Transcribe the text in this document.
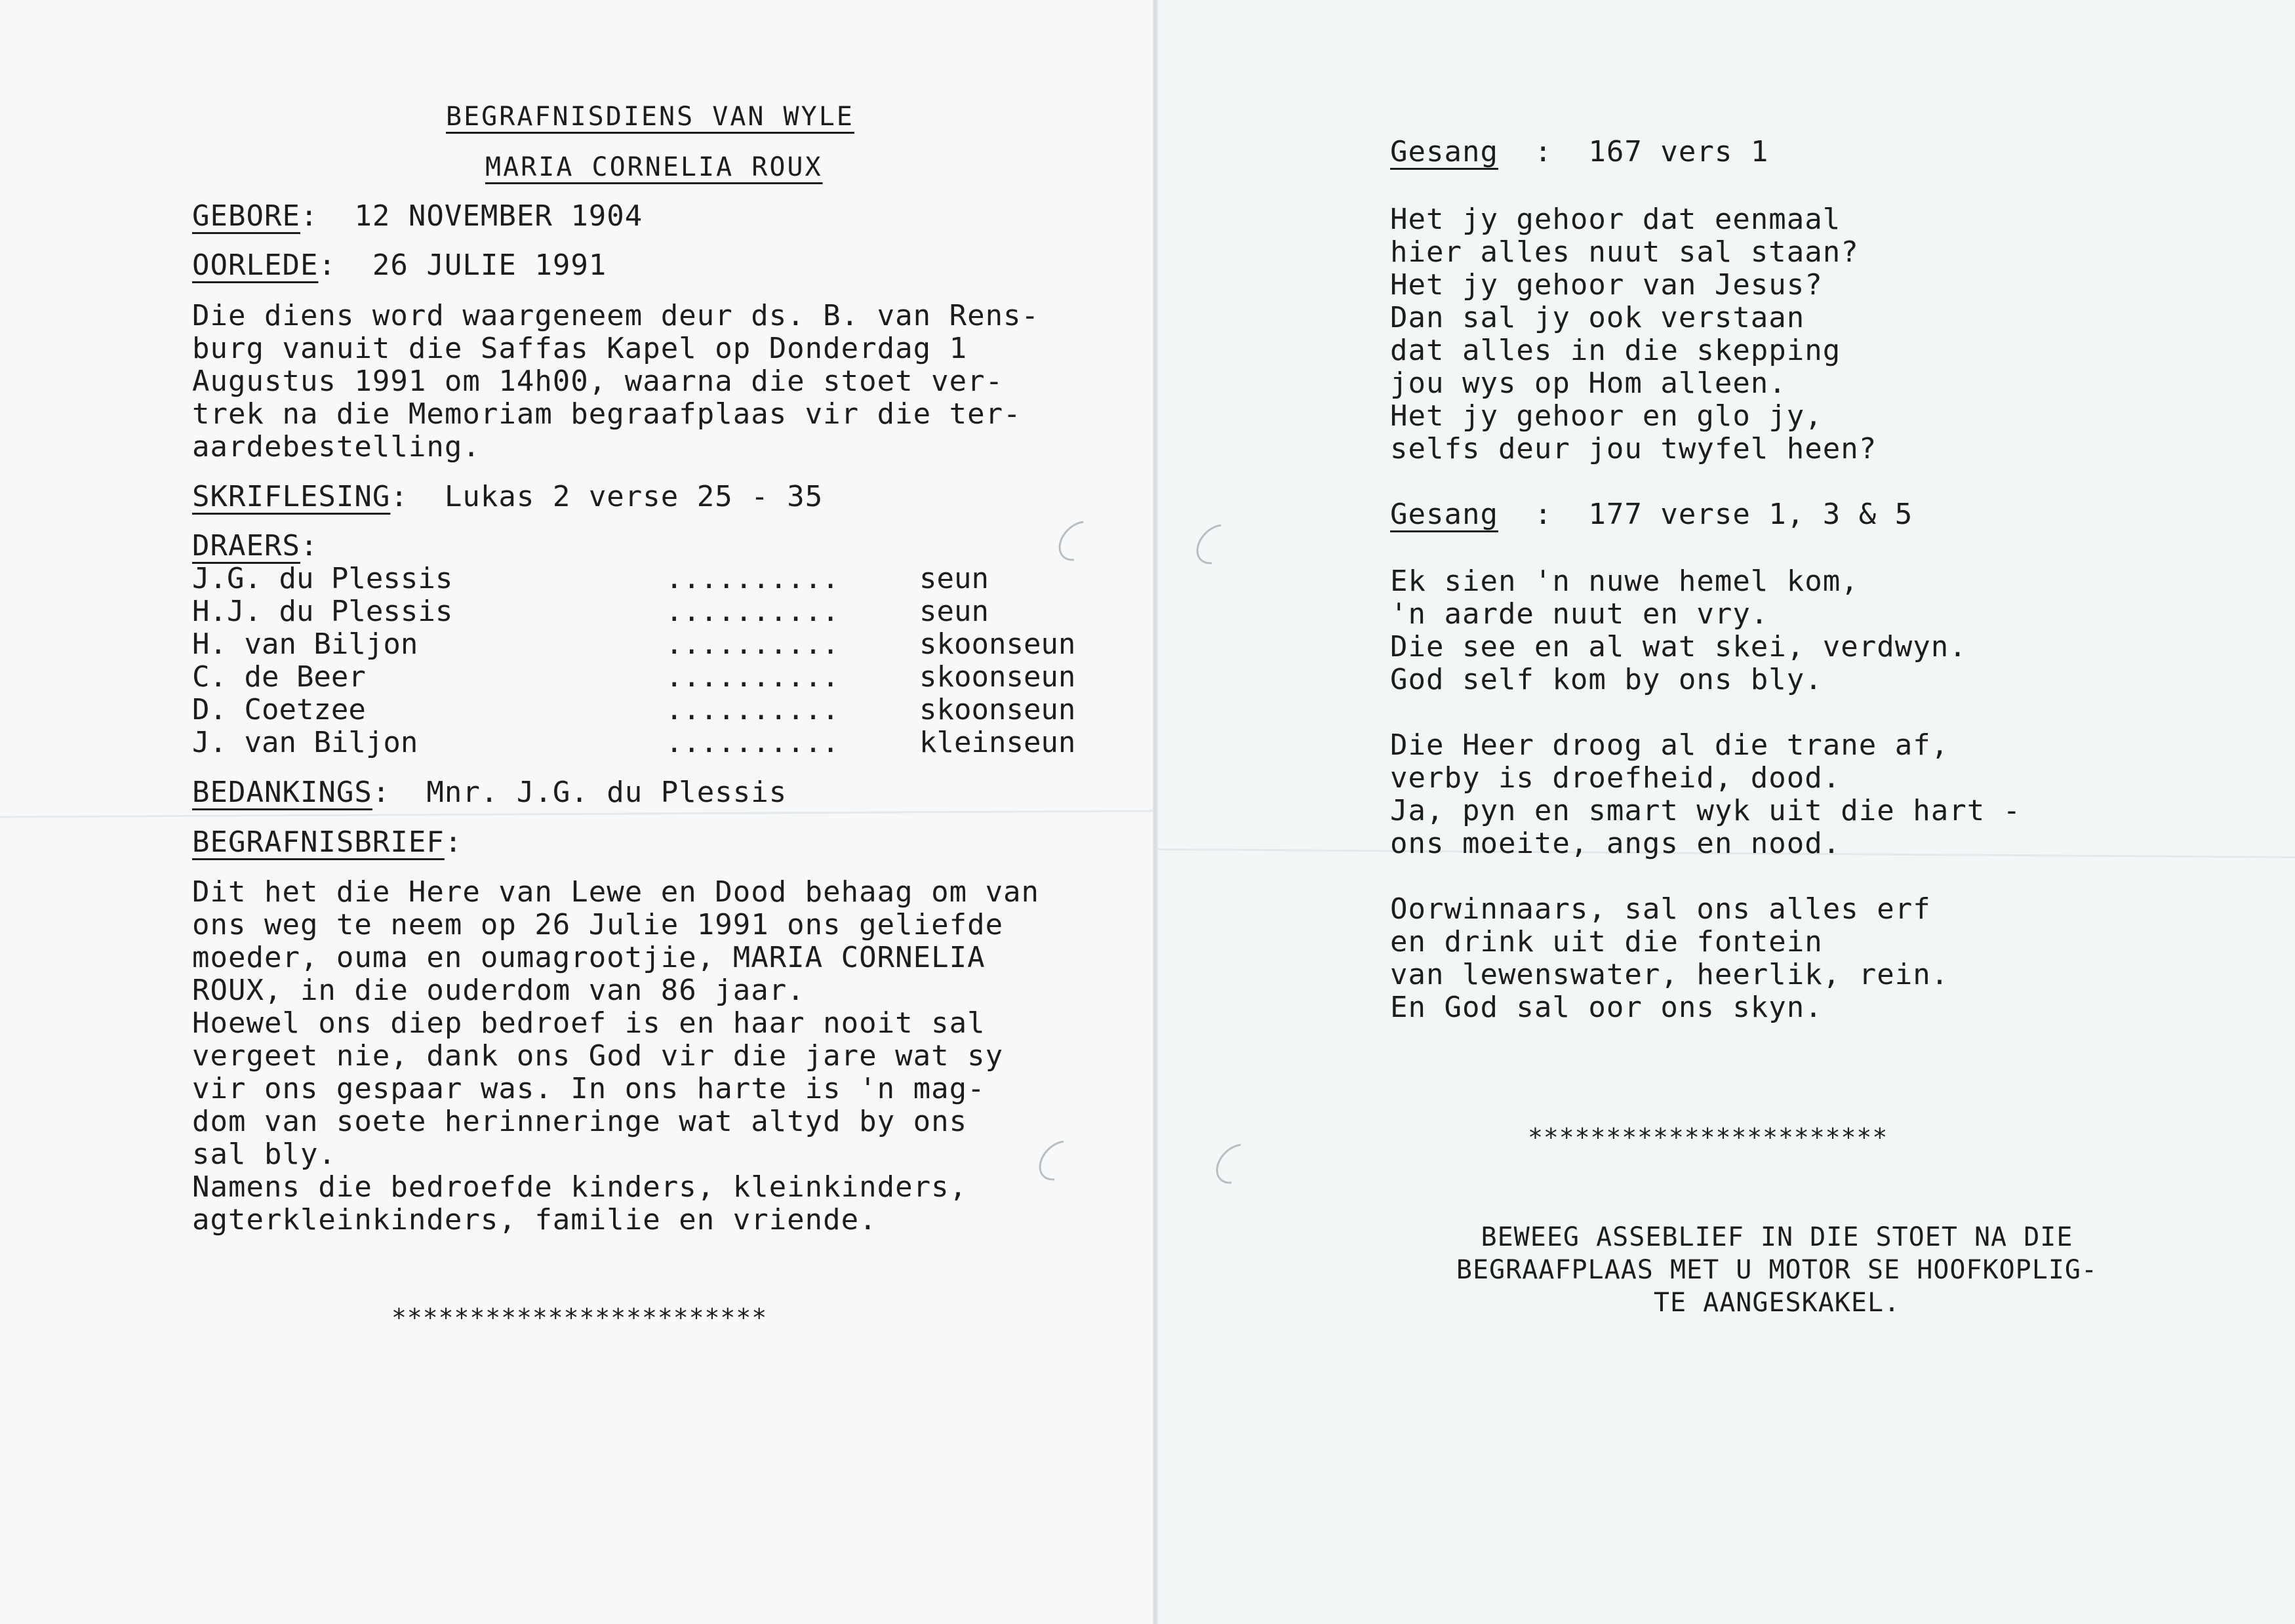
BEGRAFNISDIENS VAN WYLE
MARIA CORNELIA ROUX
GEBORE:  12 NOVEMBER 1904
OORLEDE:  26 JULIE 1991
Die diens word waargeneem deur ds. B. van Rens-
burg vanuit die Saffas Kapel op Donderdag 1
Augustus 1991 om 14h00, waarna die stoet ver-
trek na die Memoriam begraafplaas vir die ter-
aardebestelling.
SKRIFLESING:  Lukas 2 verse 25 - 35
DRAERS:
J.G. du Plessis	..........	seun
H.J. du Plessis	..........	seun
H. van Biljon	..........	skoonseun
C. de Beer	..........	skoonseun
D. Coetzee	..........	skoonseun
J. van Biljon	..........	kleinseun
BEDANKINGS:  Mnr. J.G. du Plessis
BEGRAFNISBRIEF:
Dit het die Here van Lewe en Dood behaag om van
ons weg te neem op 26 Julie 1991 ons geliefde
moeder, ouma en oumagrootjie, MARIA CORNELIA
ROUX, in die ouderdom van 86 jaar.
Hoewel ons diep bedroef is en haar nooit sal
vergeet nie, dank ons God vir die jare wat sy
vir ons gespaar was. In ons harte is 'n mag-
dom van soete herinneringe wat altyd by ons
sal bly.
Namens die bedroefde kinders, kleinkinders,
agterkleinkinders, familie en vriende.
************************
Gesang :  167 vers 1
Het jy gehoor dat eenmaal
hier alles nuut sal staan?
Het jy gehoor van Jesus?
Dan sal jy ook verstaan
dat alles in die skepping
jou wys op Hom alleen.
Het jy gehoor en glo jy,
selfs deur jou twyfel heen?
Gesang :  177 verse 1, 3 & 5
Ek sien 'n nuwe hemel kom,
'n aarde nuut en vry.
Die see en al wat skei, verdwyn.
God self kom by ons bly.
Die Heer droog al die trane af,
verby is droefheid, dood.
Ja, pyn en smart wyk uit die hart -
ons moeite, angs en nood.
Oorwinnaars, sal ons alles erf
en drink uit die fontein
van lewenswater, heerlik, rein.
En God sal oor ons skyn.
***********************
BEWEEG ASSEBLIEF IN DIE STOET NA DIE
BEGRAAFPLAAS MET U MOTOR SE HOOFKOPLIG-
TE AANGESKAKEL.
